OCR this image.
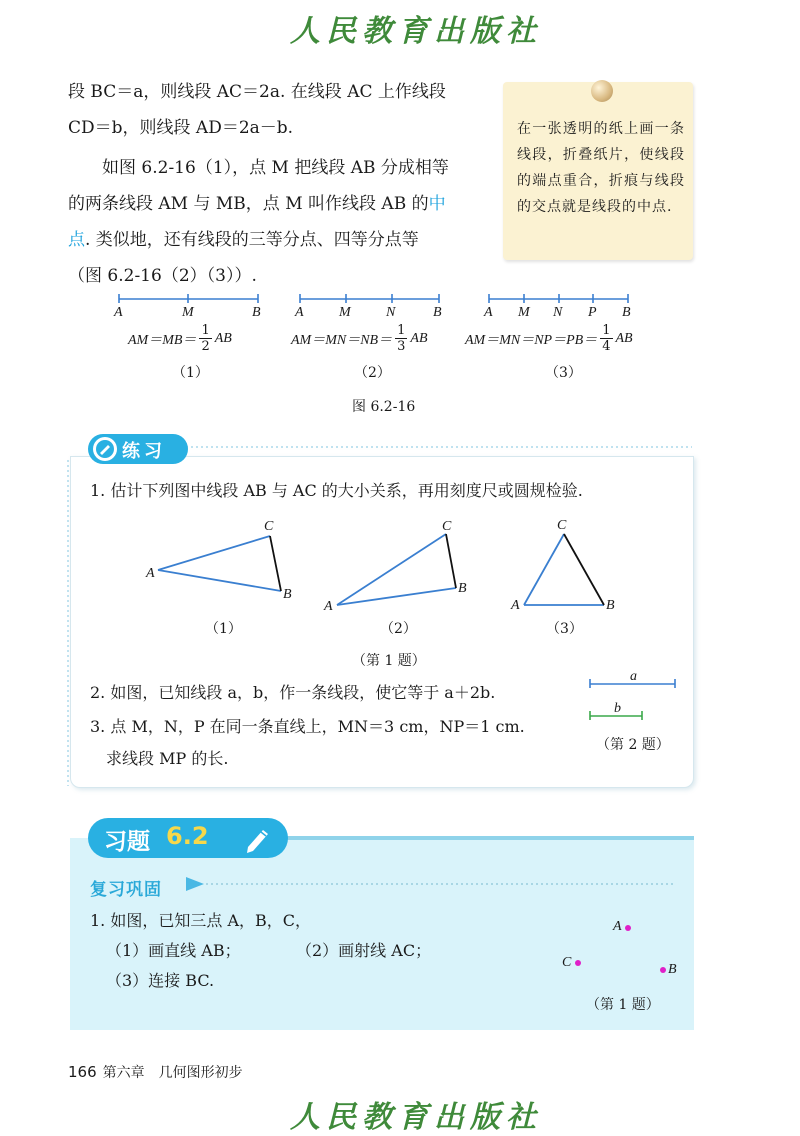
人民教育出版社
段 BC＝a，则线段 AC＝2a. 在线段 AC 上作线段
CD＝b，则线段 AD＝2a－b.
如图 6.2-16（1），点 M 把线段 AB 分成相等
的两条线段 AM 与 MB，点 M 叫作线段 AB 的中
点. 类似地，还有线段的三等分点、四等分点等
（图 6.2-16（2）（3））.
在一张透明的纸上画一条线段，折叠纸片，使线段的端点重合，折痕与线段的交点就是线段的中点.
A	M	B A	M	N	B	A M N P B
AM＝MB＝
1
2
AB	AM＝MN＝NB＝
1
3
AB	AM＝MN＝NP＝PB＝
1
4
AB
（1）	（2）	（3）
图 6.2-16
练习
1. 估计下列图中线段 AB 与 AC 的大小关系，再用刻度尺或圆规检验.
A
B
C
A
B
C
A	B
C
（1）	（2）	（3）
（第 1 题）
2. 如图，已知线段 a，b，作一条线段，使它等于 a＋2b.
3. 点 M，N，P 在同一条直线上，MN＝3 cm，NP＝1 cm.
求线段 MP 的长.
a
b
（第 2 题）
习题 6.2
复习巩固
1. 如图，已知三点 A，B，C，
（1）画直线 AB；	（2）画射线 AC；
（3）连接 BC.
A
C	B
（第 1 题）
166 第六章　几何图形初步
人民教育出版社
